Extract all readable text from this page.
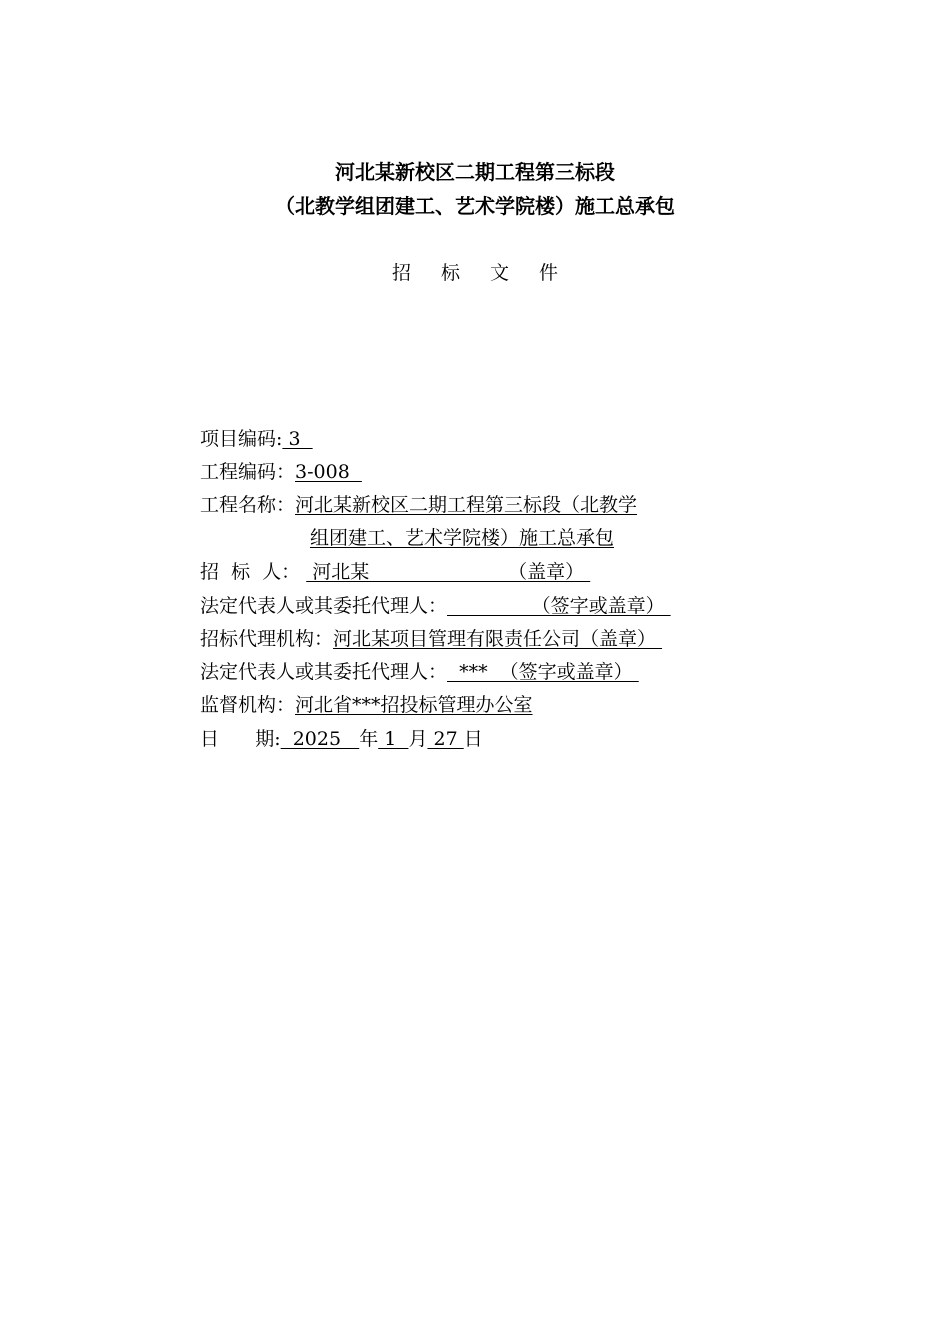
河北某新校区二期工程第三标段
（北教学组团建工、艺术学院楼）施工总承包
招 标 文 件
项目编码: 3
工程编码：3-008
工程名称：河北某新校区二期工程第三标段（北教学
组团建工、艺术学院楼）施工总承包
招  标  人：  河北某                       （盖章）
法定代表人或其委托代理人：              （签字或盖章）
招标代理机构：河北某项目管理有限责任公司（盖章）
法定代表人或其委托代理人：  ***  （签字或盖章）
监督机构：河北省***招投标管理办公室
日      期:  2025   年 1  月 27 日
